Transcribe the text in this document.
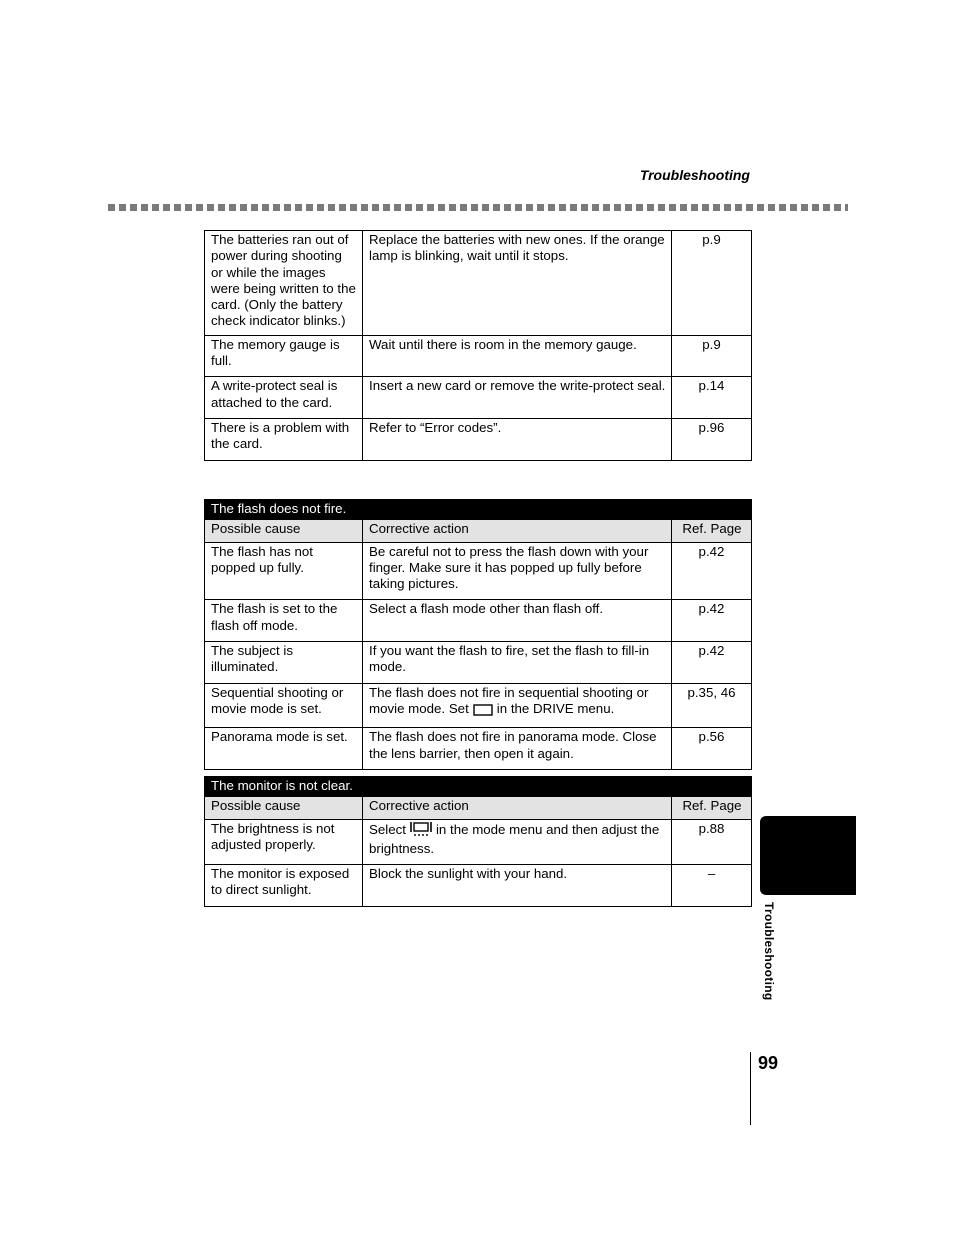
Troubleshooting
The batteries ran out of power during shooting or while the images were being written to the card. (Only the battery check indicator blinks.)	Replace the batteries with new ones. If the orange lamp is blinking, wait until it stops.	p.9
The memory gauge is full.	Wait until there is room in the memory gauge.	p.9
A write-protect seal is attached to the card.	Insert a new card or remove the write-protect seal.	p.14
There is a problem with the card.	Refer to “Error codes”.	p.96
The flash does not fire.		
Possible cause	Corrective action	Ref. Page
The flash has not popped up fully.	Be careful not to press the flash down with your finger. Make sure it has popped up fully before taking pictures.	p.42
The flash is set to the flash off mode.	Select a flash mode other than flash off.	p.42
The subject is illuminated.	If you want the flash to fire, set the flash to fill-in mode.	p.42
Sequential shooting or movie mode is set.	The flash does not fire in sequential shooting or movie mode. Set in the DRIVE menu.	p.35, 46
Panorama mode is set.	The flash does not fire in panorama mode. Close the lens barrier, then open it again.	p.56
The monitor is not clear.		
Possible cause	Corrective action	Ref. Page
The brightness is not adjusted properly.	Select in the mode menu and then adjust the brightness.	p.88
The monitor is exposed to direct sunlight.	Block the sunlight with your hand.	–
Troubleshooting
99
